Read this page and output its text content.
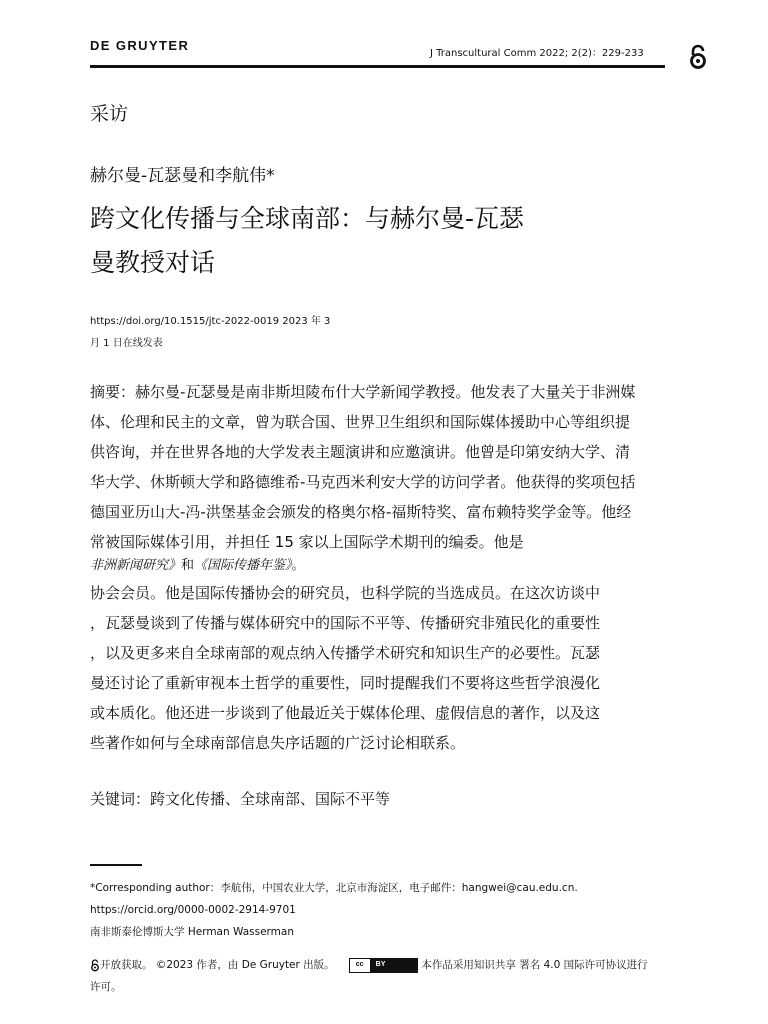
DE GRUYTER
J Transcultural Comm 2022; 2(2)：229-233
采访
赫尔曼-瓦瑟曼和李航伟*
跨文化传播与全球南部：与赫尔曼-瓦瑟
曼教授对话
https://doi.org/10.1515/jtc-2022-0019 2023 年 3
月 1 日在线发表
摘要：赫尔曼-瓦瑟曼是南非斯坦陵布什大学新闻学教授。他发表了大量关于非洲媒
体、伦理和民主的文章，曾为联合国、世界卫生组织和国际媒体援助中心等组织提
供咨询，并在世界各地的大学发表主题演讲和应邀演讲。他曾是印第安纳大学、清
华大学、休斯顿大学和路德维希-马克西米利安大学的访问学者。他获得的奖项包括
德国亚历山大-冯-洪堡基金会颁发的格奥尔格-福斯特奖、富布赖特奖学金等。他经
常被国际媒体引用，并担任 15 家以上国际学术期刊的编委。他是
非洲新闻研究》和《国际传播年鉴》。
协会会员。他是国际传播协会的研究员，也科学院的当选成员。在这次访谈中
，瓦瑟曼谈到了传播与媒体研究中的国际不平等、传播研究非殖民化的重要性
，以及更多来自全球南部的观点纳入传播学术研究和知识生产的必要性。瓦瑟
曼还讨论了重新审视本土哲学的重要性，同时提醒我们不要将这些哲学浪漫化
或本质化。他还进一步谈到了他最近关于媒体伦理、虚假信息的著作，以及这
些著作如何与全球南部信息失序话题的广泛讨论相联系。
关键词：跨文化传播、全球南部、国际不平等
*Corresponding author：李航伟，中国农业大学，北京市海淀区，电子邮件：hangwei@cau.edu.cn.
https://orcid.org/0000-0002-2914-9701
南非斯泰伦博斯大学 Herman Wasserman
开放获取。 ©2023 作者，由 De Gruyter 出版。	cc	BY	本作品采用知识共享 署名 4.0 国际许可协议进行
许可。
